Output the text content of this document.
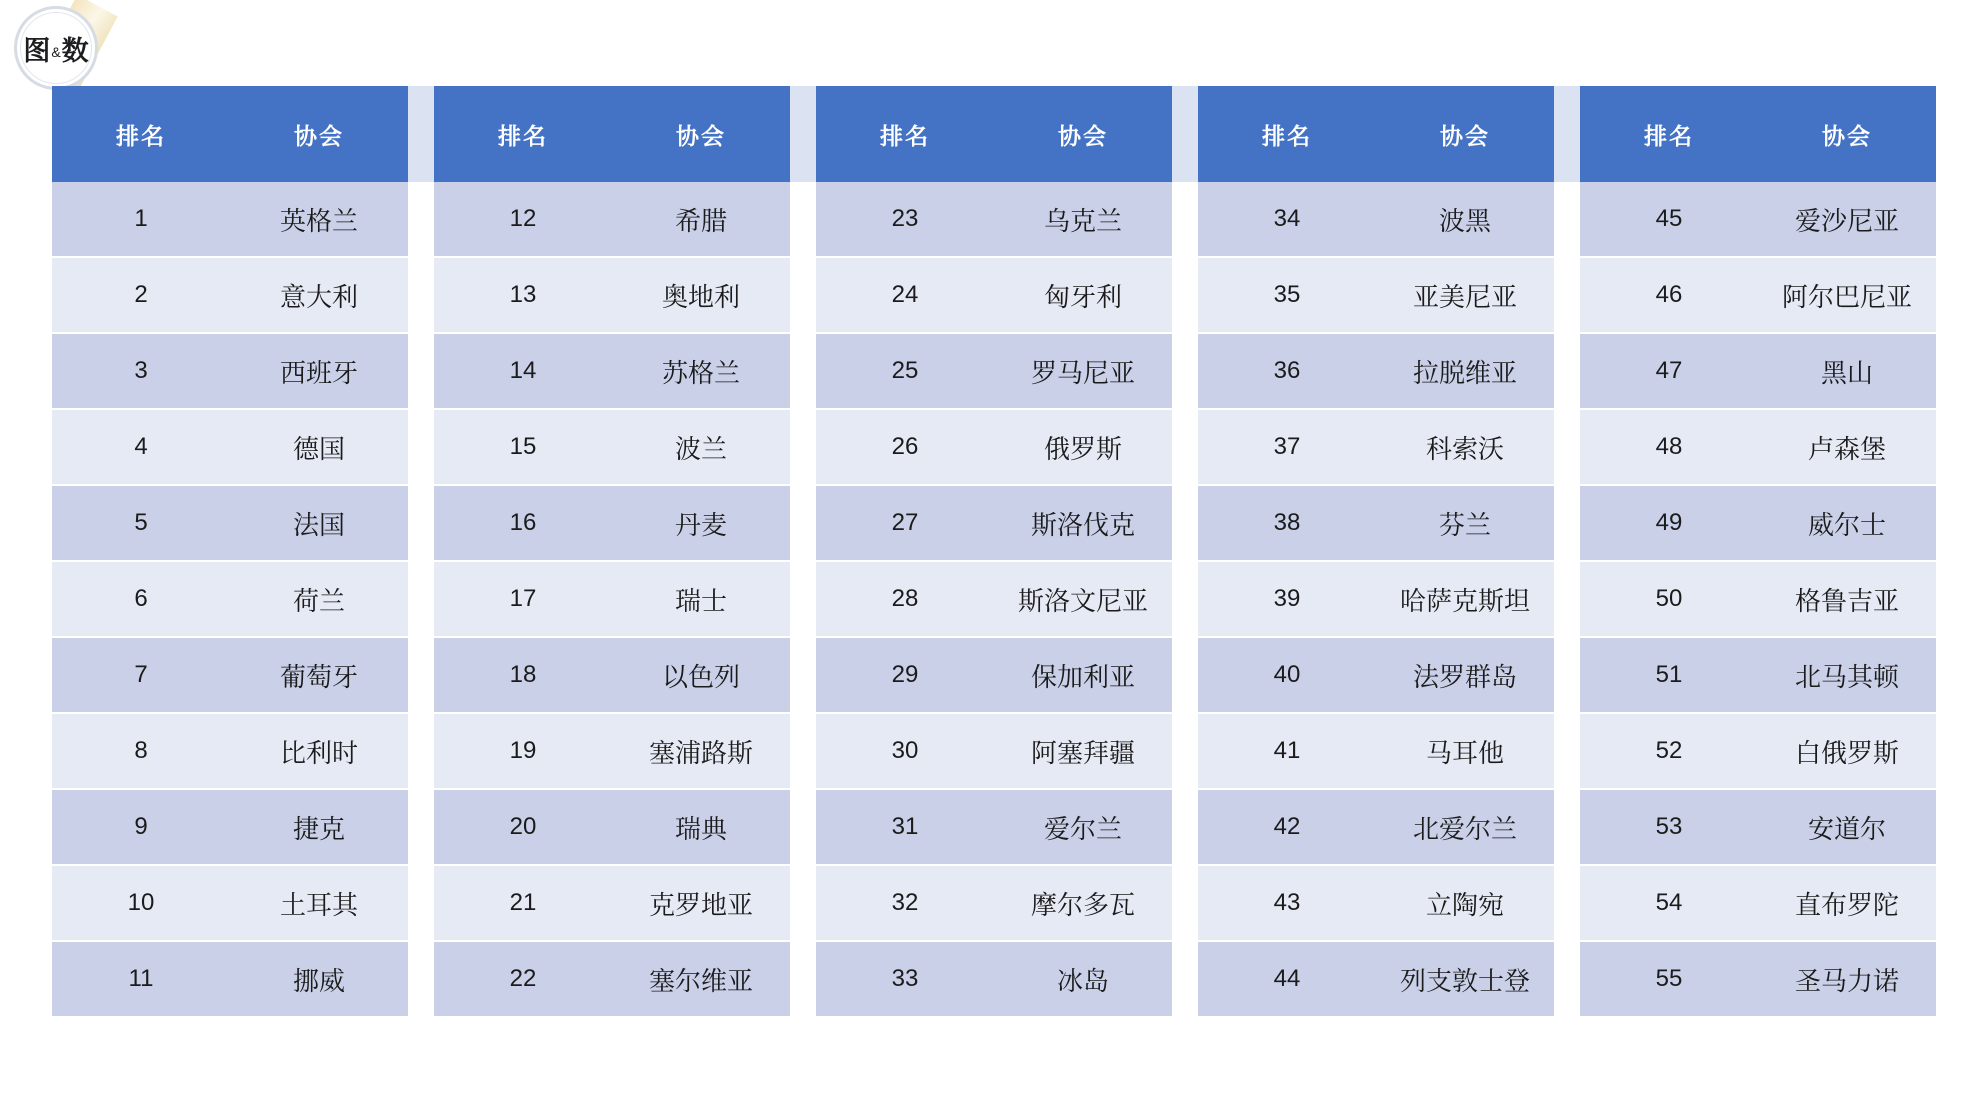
图 & 数
排名	协会		排名	协会		排名	协会		排名	协会		排名	协会
1	英格兰		12	希腊		23	乌克兰		34	波黑		45	爱沙尼亚
2	意大利		13	奥地利		24	匈牙利		35	亚美尼亚		46	阿尔巴尼亚
3	西班牙		14	苏格兰		25	罗马尼亚		36	拉脱维亚		47	黑山
4	德国		15	波兰		26	俄罗斯		37	科索沃		48	卢森堡
5	法国		16	丹麦		27	斯洛伐克		38	芬兰		49	威尔士
6	荷兰		17	瑞士		28	斯洛文尼亚		39	哈萨克斯坦		50	格鲁吉亚
7	葡萄牙		18	以色列		29	保加利亚		40	法罗群岛		51	北马其顿
8	比利时		19	塞浦路斯		30	阿塞拜疆		41	马耳他		52	白俄罗斯
9	捷克		20	瑞典		31	爱尔兰		42	北爱尔兰		53	安道尔
10	土耳其		21	克罗地亚		32	摩尔多瓦		43	立陶宛		54	直布罗陀
11	挪威		22	塞尔维亚		33	冰岛		44	列支敦士登		55	圣马力诺
